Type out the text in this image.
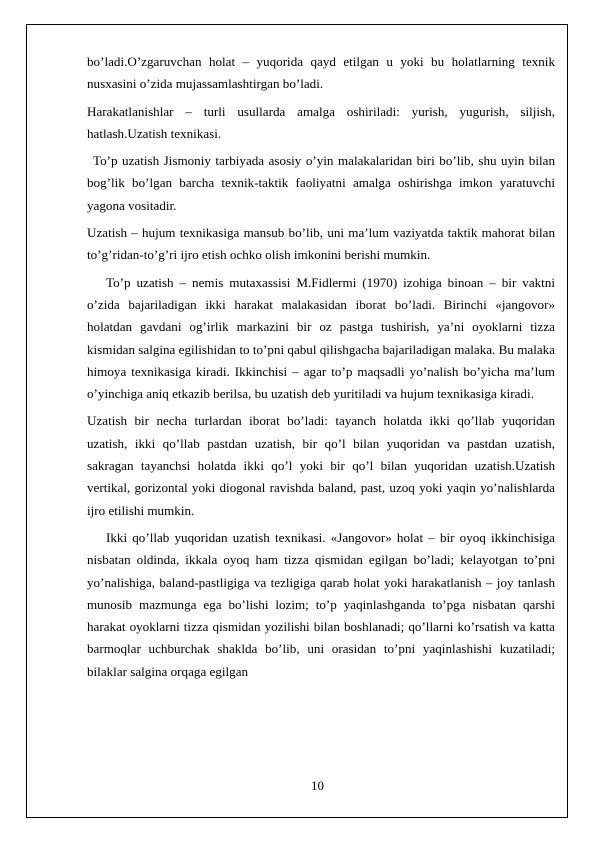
bo’ladi.O’zgaruvchan holat – yuqorida qayd etilgan u yoki bu holatlarning texnik nusxasini o’zida mujassamlashtirgan bo’ladi.

Harakatlanishlar – turli usullarda amalga oshiriladi: yurish, yugurish, siljish, hatlash.Uzatish texnikasi.

To’p uzatish Jismoniy tarbiyada asosiy o’yin malakalaridan biri bo’lib, shu uyin bilan bog’lik bo’lgan barcha texnik-taktik faoliyatni amalga oshirishga imkon yaratuvchi yagona vositadir.

Uzatish – hujum texnikasiga mansub bo’lib, uni ma’lum vaziyatda taktik mahorat bilan to’g’ridan-to’g’ri ijro etish ochko olish imkonini berishi mumkin.

To’p uzatish – nemis mutaxassisi M.Fidlermi (1970) izohiga binoan – bir vaktni o’zida bajariladigan ikki harakat malakasidan iborat bo’ladi. Birinchi «jangovor» holatdan gavdani og’irlik markazini bir oz pastga tushirish, ya’ni oyoklarni tizza kismidan salgina egilishidan to to’pni qabul qilishgacha bajariladigan malaka. Bu malaka himoya texnikasiga kiradi. Ikkinchisi – agar to’p maqsadli yo’nalish bo’yicha ma’lum o’yinchiga aniq etkazib berilsa, bu uzatish deb yuritiladi va hujum texnikasiga kiradi.

Uzatish bir necha turlardan iborat bo’ladi: tayanch holatda ikki qo’llab yuqoridan uzatish, ikki qo’llab pastdan uzatish, bir qo’l bilan yuqoridan va pastdan uzatish, sakragan tayanchsi holatda ikki qo’l yoki bir qo’l bilan yuqoridan uzatish.Uzatish vertikal, gorizontal yoki diogonal ravishda baland, past, uzoq yoki yaqin yo’nalishlarda ijro etilishi mumkin.

Ikki qo’llab yuqoridan uzatish texnikasi. «Jangovor» holat – bir oyoq ikkinchisiga nisbatan oldinda, ikkala oyoq ham tizza qismidan egilgan bo’ladi; kelayotgan to’pni yo’nalishiga, baland-pastligiga va tezligiga qarab holat yoki harakatlanish – joy tanlash munosib mazmunga ega bo’lishi lozim; to’p yaqinlashganda to’pga nisbatan qarshi harakat oyoklarni tizza qismidan yozilishi bilan boshlanadi; qo’llarni ko’rsatish va katta barmoqlar uchburchak shaklda bo’lib, uni orasidan to’pni yaqinlashishi kuzatiladi; bilaklar salgina orqaga egilgan

10
